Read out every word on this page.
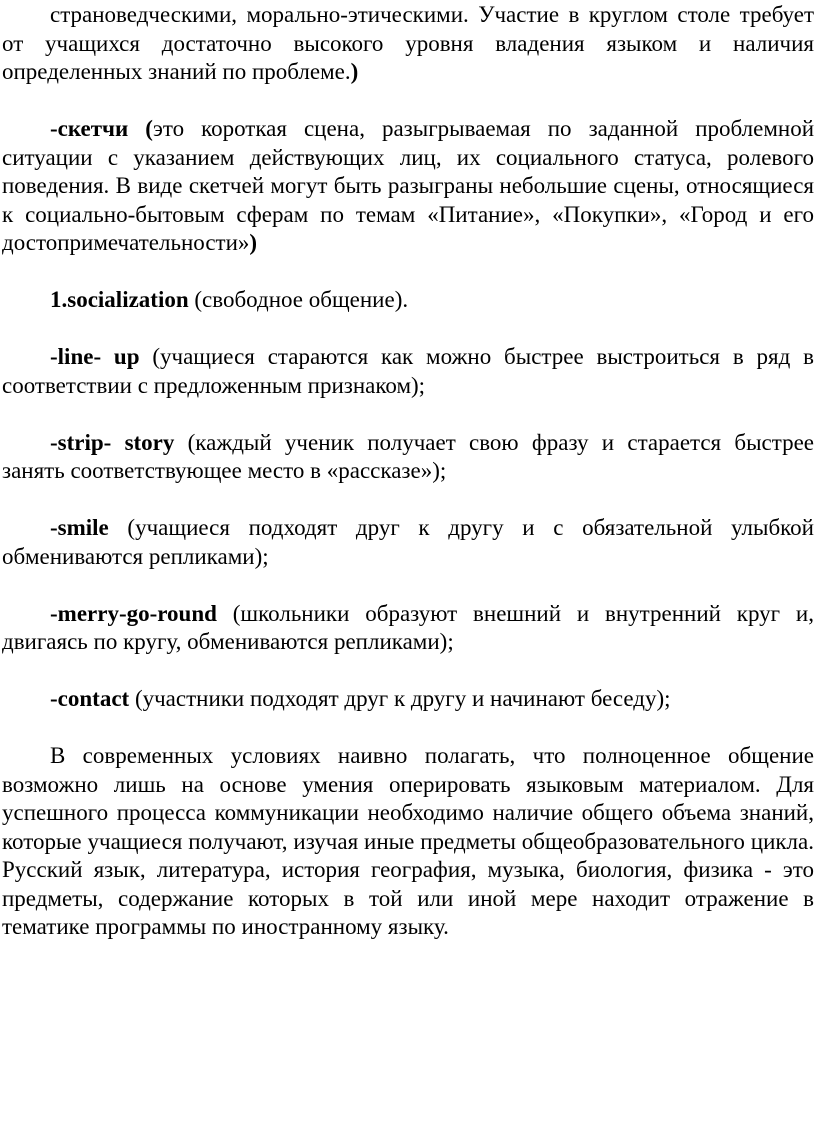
страноведческими, морально-этическими. Участие в круглом столе требует от учащихся достаточно высокого уровня владения языком и наличия определенных знаний по проблеме.)

-скетчи (это короткая сцена, разыгрываемая по заданной проблемной ситуации с указанием действующих лиц, их социального статуса, ролевого поведения. В виде скетчей могут быть разыграны небольшие сцены, относящиеся к социально-бытовым сферам по темам «Питание», «Покупки», «Город и его достопримечательности»)

1.socialization (свободное общение).

-line- up (учащиеся стараются как можно быстрее выстроиться в ряд в соответствии с предложенным признаком);

-strip- story (каждый ученик получает свою фразу и старается быстрее занять соответствующее место в «рассказе»);

-smile (учащиеся подходят друг к другу и с обязательной улыбкой обмениваются репликами);

-merry-go-round (школьники образуют внешний и внутренний круг и, двигаясь по кругу, обмениваются репликами);

-contact (участники подходят друг к другу и начинают беседу);

В современных условиях наивно полагать, что полноценное общение возможно лишь на основе умения оперировать языковым материалом. Для успешного процесса коммуникации необходимо наличие общего объема знаний, которые учащиеся получают, изучая иные предметы общеобразовательного цикла. Русский язык, литература, история география, музыка, биология, физика - это предметы, содержание которых в той или иной мере находит отражение в тематике программы по иностранному языку.
